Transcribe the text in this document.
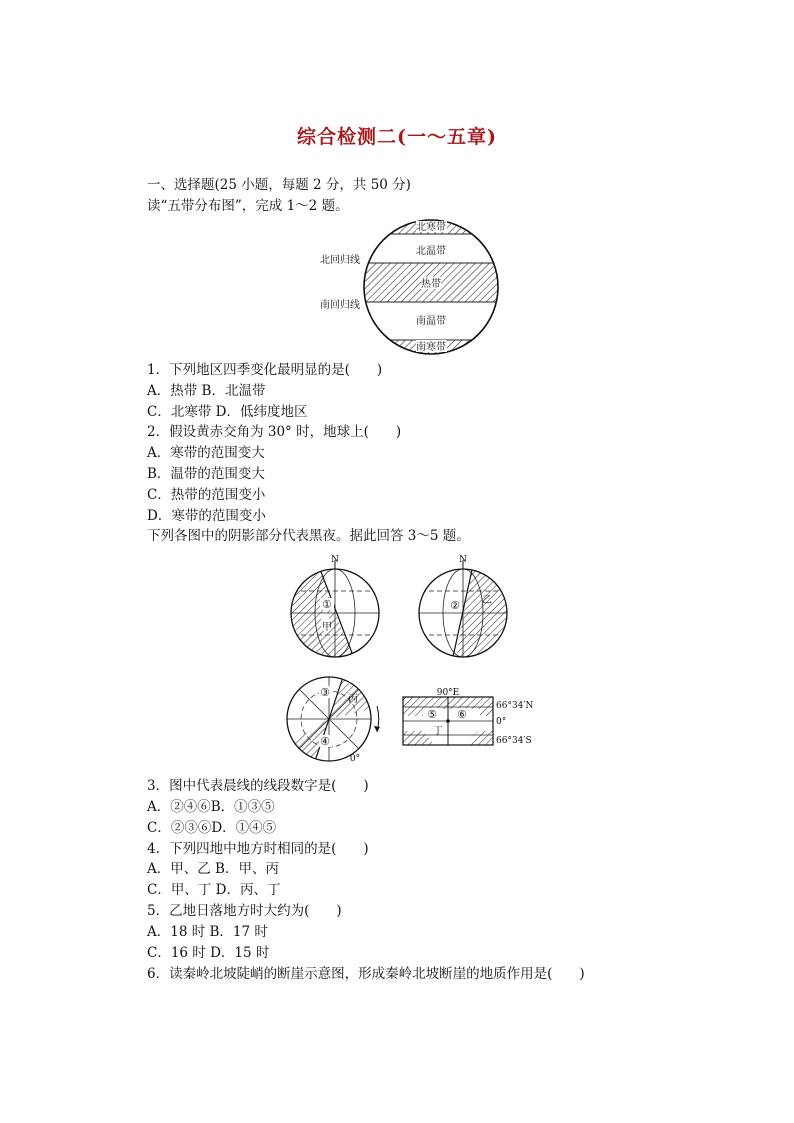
综合检测二(一～五章)
一、选择题(25 小题，每题 2 分，共 50 分)
读“五带分布图”，完成 1～2 题。
北寒带
北温带
热带
南温带
南寒带
北回归线
南回归线
1．下列地区四季变化最明显的是(　　)
A．热带 B．北温带
C．北寒带 D．低纬度地区
2．假设黄赤交角为 30° 时，地球上(　　)
A．寒带的范围变大
B．温带的范围变大
C．热带的范围变小
D．寒带的范围变小
下列各图中的阴影部分代表黑夜。据此回答 3～5 题。
N
①
甲
N
② 乙
③
④
丙
0°
90°E
66°34′N
0°
66°34′S
⑤ ⑥
丁
3．图中代表晨线的线段数字是(　　)
A．②④⑥B．①③⑤
C．②③⑥D．①④⑤
4．下列四地中地方时相同的是(　　)
A．甲、乙 B．甲、丙
C．甲、丁 D．丙、丁
5．乙地日落地方时大约为(　　)
A．18 时 B．17 时
C．16 时 D．15 时
6．读秦岭北坡陡峭的断崖示意图，形成秦岭北坡断崖的地质作用是(　　)
